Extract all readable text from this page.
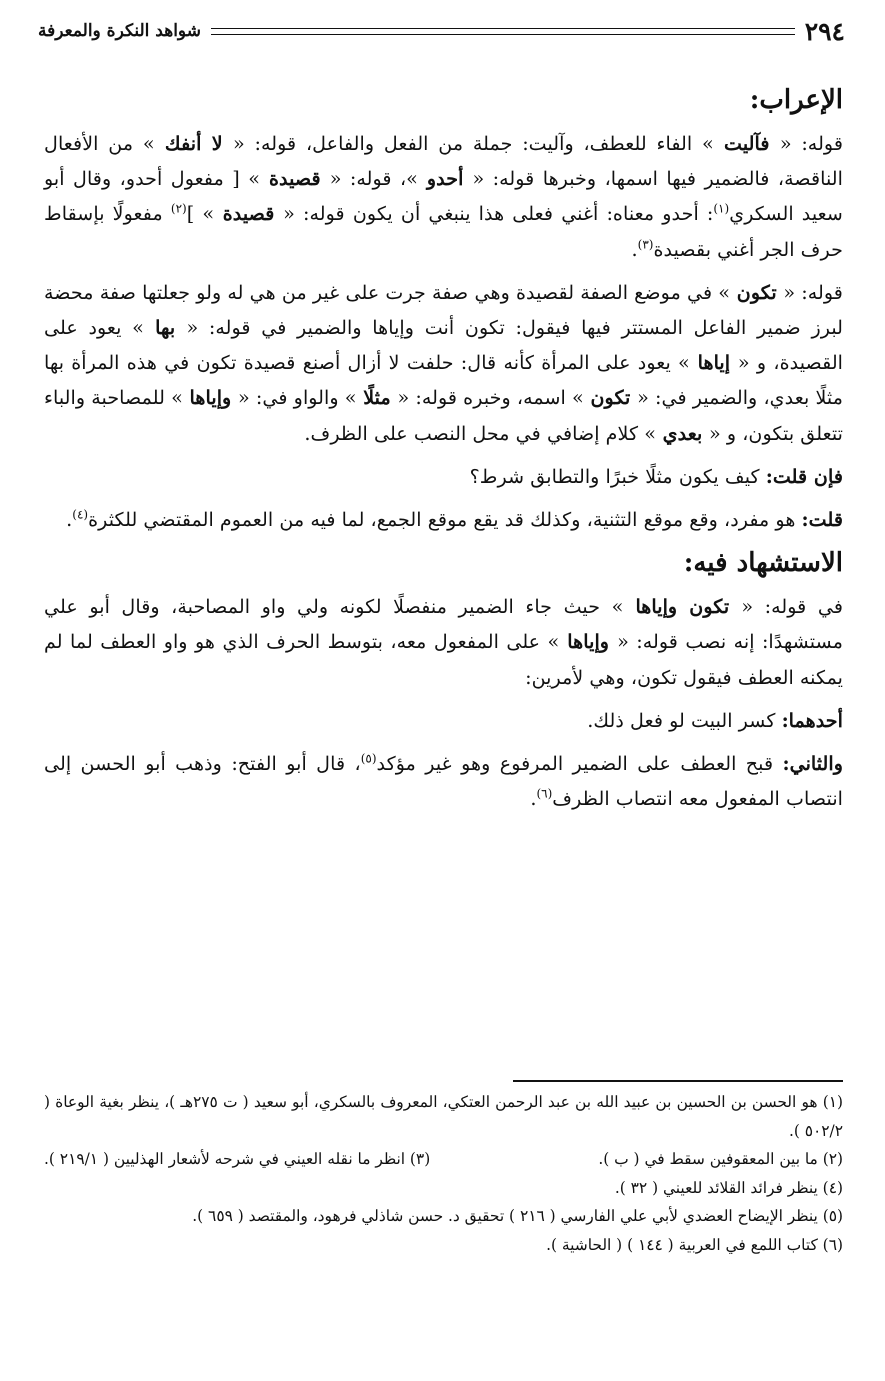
٢٩٤
شواهد النكرة والمعرفة

الإعراب:

قوله: « فآليت » الفاء للعطف، وآليت: جملة من الفعل والفاعل، قوله: « لا أنفك » من الأفعال الناقصة، فالضمير فيها اسمها، وخبرها قوله: « أحدو »، قوله: « قصيدة » [ مفعول أحدو، وقال أبو سعيد السكري$^{(١)}$: أحدو معناه: أغني فعلى هذا ينبغي أن يكون قوله: « قصيدة » ]$^{(٢)}$ مفعولًا بإسقاط حرف الجر أغني بقصيدة$^{(٣)}$.

قوله: « تكون » في موضع الصفة لقصيدة وهي صفة جرت على غير من هي له ولو جعلتها صفة محضة لبرز ضمير الفاعل المستتر فيها فيقول: تكون أنت وإياها والضمير في قوله: « بها » يعود على القصيدة، و « إياها » يعود على المرأة كأنه قال: حلفت لا أزال أصنع قصيدة تكون في هذه المرأة بها مثلًا بعدي، والضمير في: « تكون » اسمه، وخبره قوله: « مثلًا » والواو في: « وإياها » للمصاحبة والباء تتعلق بتكون، و « بعدي » كلام إضافي في محل النصب على الظرف.

فإن قلت: كيف يكون مثلًا خبرًا والتطابق شرط؟

قلت: هو مفرد، وقع موقع التثنية، وكذلك قد يقع موقع الجمع، لما فيه من العموم المقتضي للكثرة$^{(٤)}$.

الاستشهاد فيه:

في قوله: « تكون وإياها » حيث جاء الضمير منفصلًا لكونه ولي واو المصاحبة، وقال أبو علي مستشهدًا: إنه نصب قوله: « وإياها » على المفعول معه، بتوسط الحرف الذي هو واو العطف لما لم يمكنه العطف فيقول تكون، وهي لأمرين:

أحدهما: كسر البيت لو فعل ذلك.

والثاني: قبح العطف على الضمير المرفوع وهو غير مؤكد$^{(٥)}$، قال أبو الفتح: وذهب أبو الحسن إلى انتصاب المفعول معه انتصاب الظرف$^{(٦)}$.

(١) هو الحسن بن الحسين بن عبيد الله بن عبد الرحمن العتكي، المعروف بالسكري، أبو سعيد ( ت ٢٧٥هـ )، ينظر بغية الوعاة ( ٥٠٢/٢ ).

(٢) ما بين المعقوفين سقط في ( ب ).
(٣) انظر ما نقله العيني في شرحه لأشعار الهذليين ( ٢١٩/١ ).

(٤) ينظر فرائد القلائد للعيني ( ٣٢ ).

(٥) ينظر الإيضاح العضدي لأبي علي الفارسي ( ٢١٦ ) تحقيق د. حسن شاذلي فرهود، والمقتصد ( ٦٥٩ ).

(٦) كتاب اللمع في العربية ( ١٤٤ ) ( الحاشية ).
